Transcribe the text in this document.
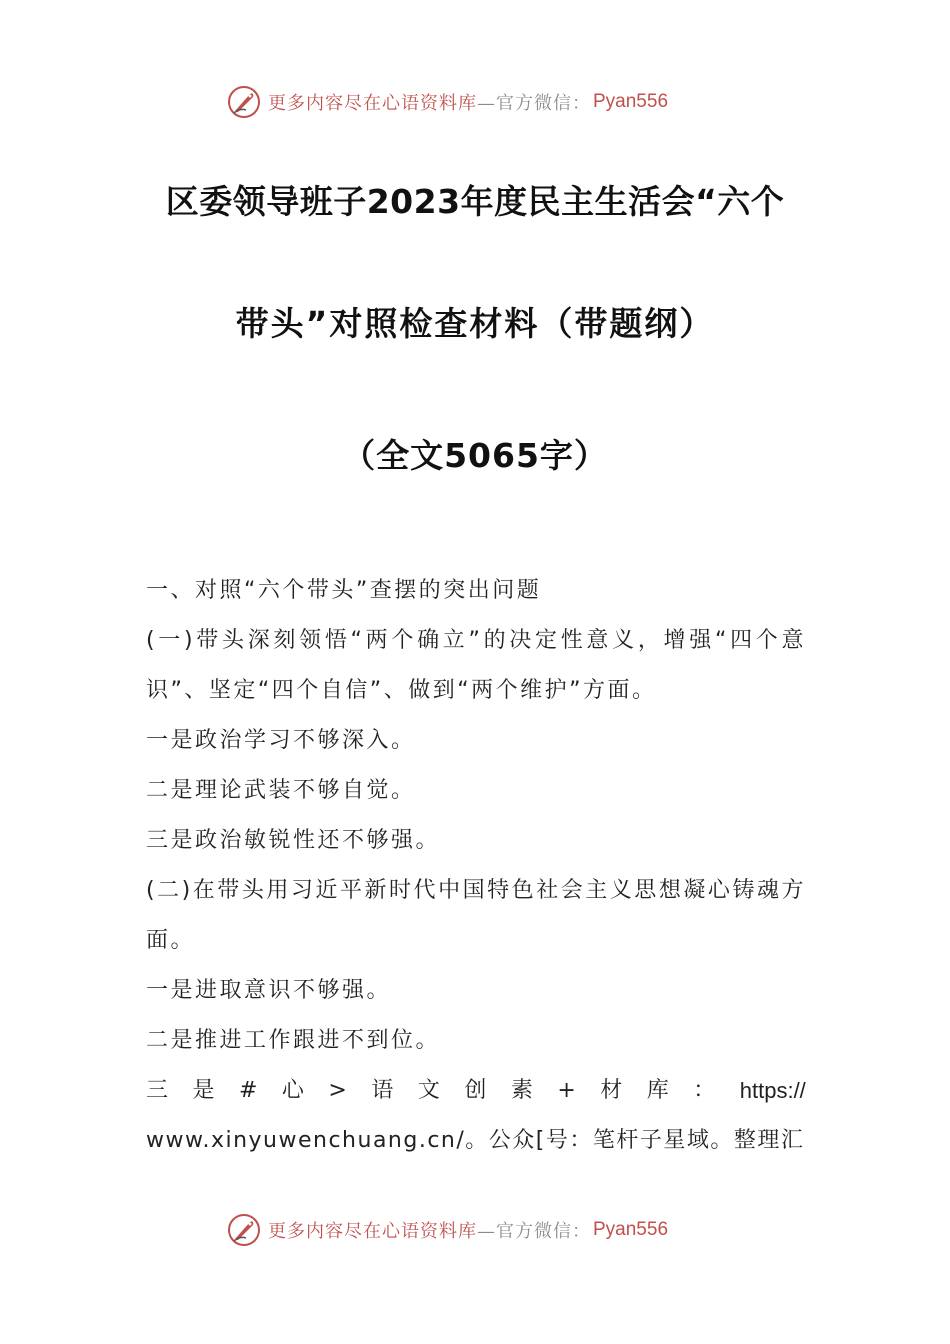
更多内容尽在心语资料库 —官方微信： Pyan556
区委领导班子2023年度民主生活会“六个
带头”对照检查材料（带题纲）
（全文5065字）

一、对照“六个带头”查摆的突出问题

(一)带头深刻领悟“两个确立”的决定性意义，增强“四个意识”、坚定“四个自信”、做到“两个维护”方面。

一是政治学习不够深入。

二是理论武装不够自觉。

三是政治敏锐性还不够强。

(二)在带头用习近平新时代中国特色社会主义思想凝心铸魂方面。

一是进取意识不够强。

二是推进工作跟进不到位。

三 是 # 心 > 语 文 创 素 + 材 库 ： https://

www.xinyuwenchuang.cn/。公众[号：笔杆子星域。整理汇

更多内容尽在心语资料库 —官方微信： Pyan556
